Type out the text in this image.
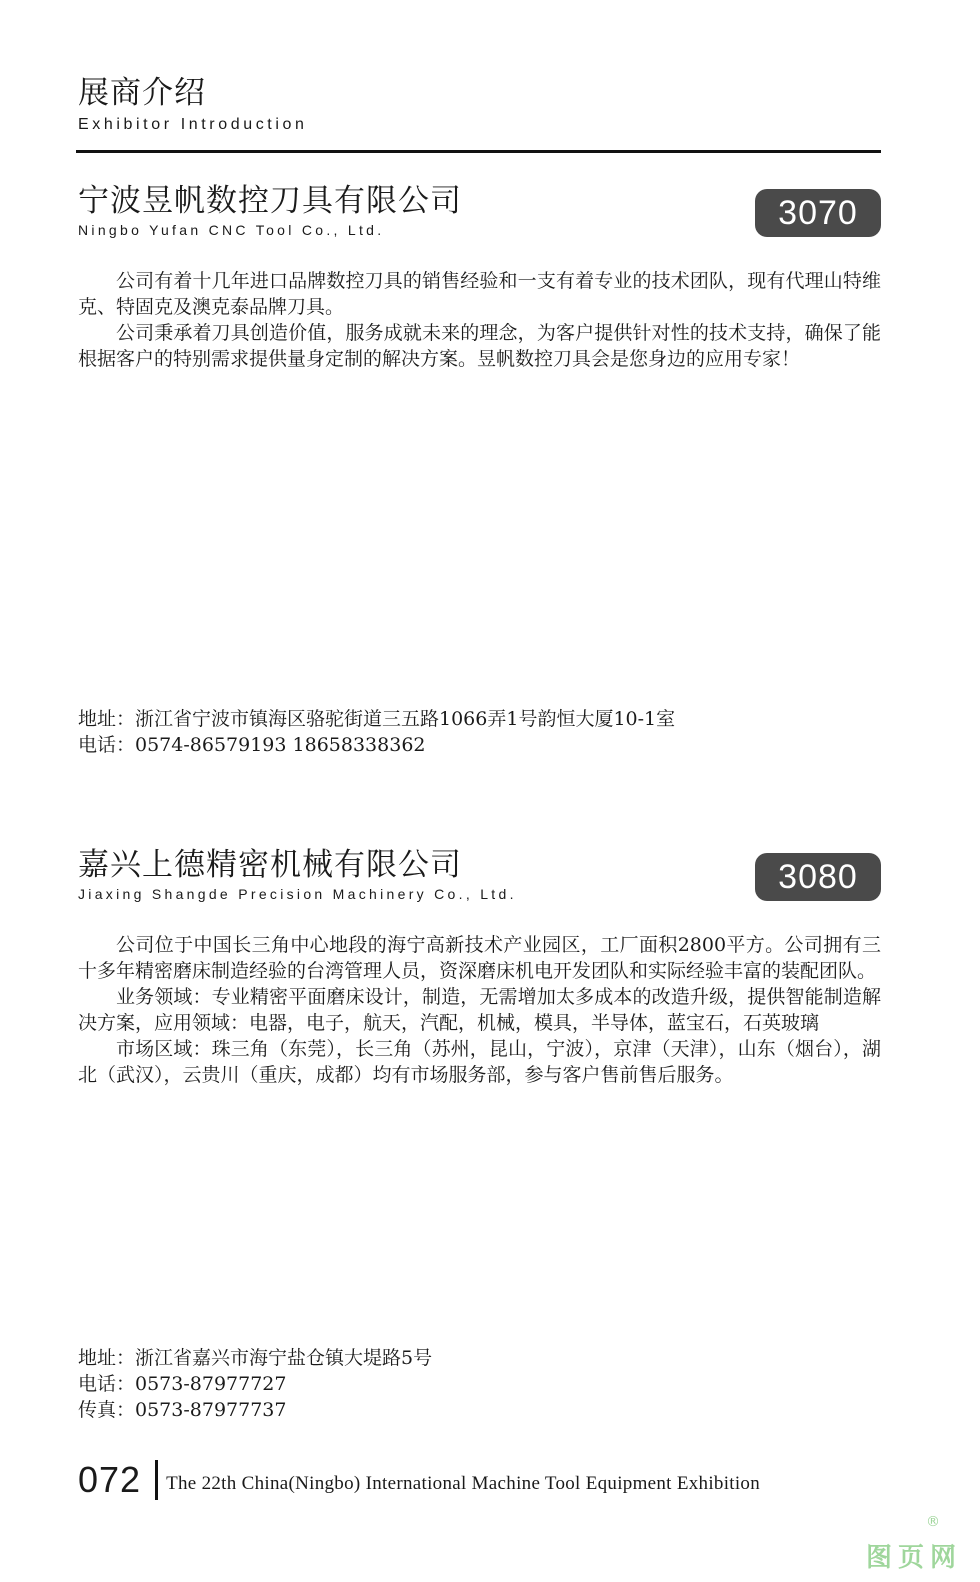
展商介绍
Exhibitor Introduction
宁波昱帆数控刀具有限公司
Ningbo Yufan CNC Tool Co., Ltd.	3070

公司有着十几年进口品牌数控刀具的销售经验和一支有着专业的技术团队，现有代理山特维克、特固克及澳克泰品牌刀具。

公司秉承着刀具创造价值，服务成就未来的理念，为客户提供针对性的技术支持，确保了能根据客户的特别需求提供量身定制的解决方案。昱帆数控刀具会是您身边的应用专家！

地址：浙江省宁波市镇海区骆驼街道三五路1066弄1号韵恒大厦10-1室
电话：0574-86579193 18658338362
嘉兴上德精密机械有限公司
Jiaxing Shangde Precision Machinery Co., Ltd.	3080

公司位于中国长三角中心地段的海宁高新技术产业园区，工厂面积2800平方。公司拥有三十多年精密磨床制造经验的台湾管理人员，资深磨床机电开发团队和实际经验丰富的装配团队。

业务领域：专业精密平面磨床设计，制造，无需增加太多成本的改造升级，提供智能制造解决方案，应用领域：电器，电子，航天，汽配，机械，模具，半导体，蓝宝石，石英玻璃

市场区域：珠三角（东莞），长三角（苏州，昆山，宁波），京津（天津），山东（烟台），湖北（武汉），云贵川（重庆，成都）均有市场服务部，参与客户售前售后服务。

地址：浙江省嘉兴市海宁盐仓镇大堤路5号
电话：0573-87977727
传真：0573-87977737
072 The 22th China(Ningbo) International Machine Tool Equipment Exhibition
®
图页网
